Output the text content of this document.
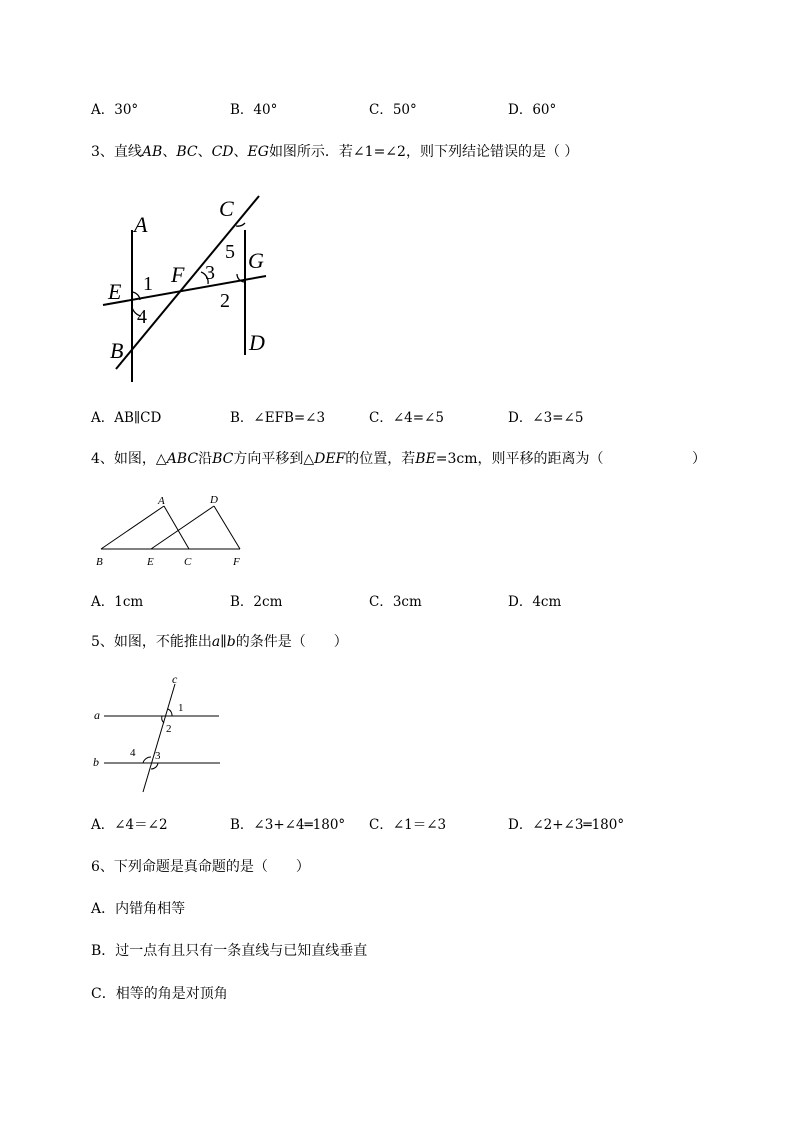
A．30°	B．40°	C．50°	D．60°
3、直线AB、BC、CD、EG如图所示．若∠1=∠2，则下列结论错误的是（ ）
A
B
C
D
E
F
G
1
2
3
4
5
A．AB∥CD	B．∠EFB=∠3	C．∠4=∠5	D．∠3=∠5
4、如图，△ABC沿BC方向平移到△DEF的位置，若BE=3cm，则平移的距离为（	）
A
B	C
D
E	F
A．1cm	B．2cm	C．3cm	D．4cm
5、如图，不能推出a∥b的条件是（　　）
a
b
c
1
2
3
4
A．∠4＝∠2	B．∠3+∠4═180° C．∠1＝∠3	D．∠2+∠3═180°
6、下列命题是真命题的是（　　）
A．内错角相等
B．过一点有且只有一条直线与已知直线垂直
C．相等的角是对顶角
